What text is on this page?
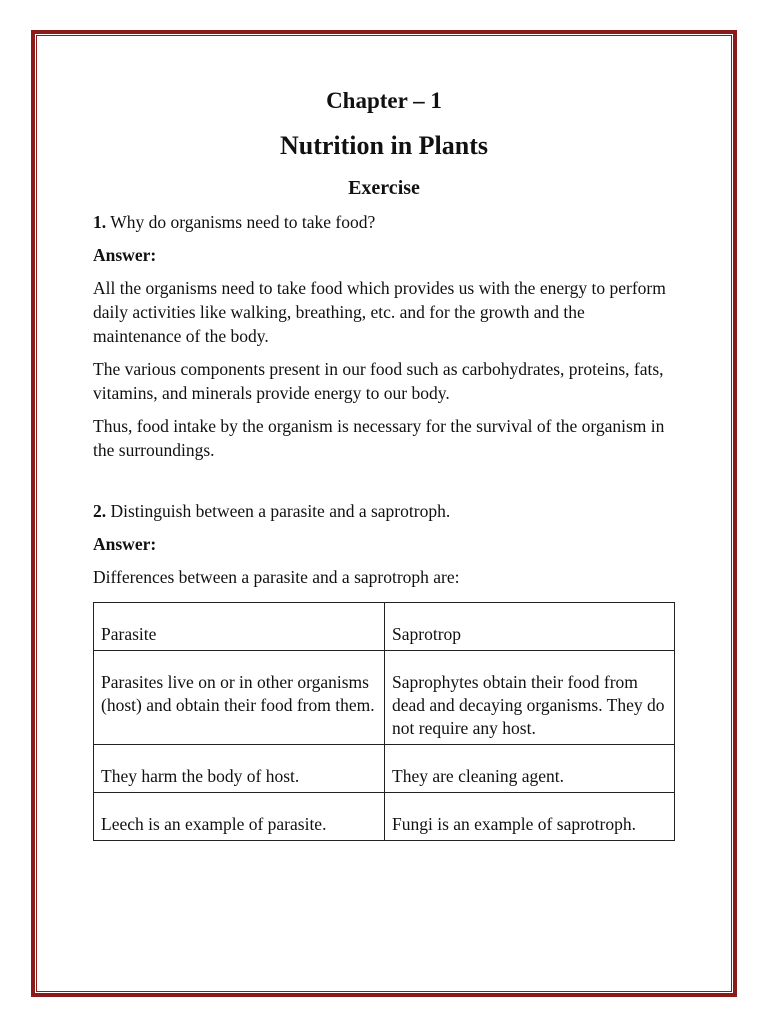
Chapter – 1
Nutrition in Plants
Exercise

1. Why do organisms need to take food?

Answer:

All the organisms need to take food which provides us with the energy to perform daily activities like walking, breathing, etc. and for the growth and the maintenance of the body.

The various components present in our food such as carbohydrates, proteins, fats, vitamins, and minerals provide energy to our body.

Thus, food intake by the organism is necessary for the survival of the organism in the surroundings.

2. Distinguish between a parasite and a saprotroph.

Answer:

Differences between a parasite and a saprotroph are:

Parasite	Saprotrop
Parasites live on or in other organisms (host) and obtain their food from them.	Saprophytes obtain their food from dead and decaying organisms. They do not require any host.
They harm the body of host.	They are cleaning agent.
Leech is an example of parasite.	Fungi is an example of saprotroph.
